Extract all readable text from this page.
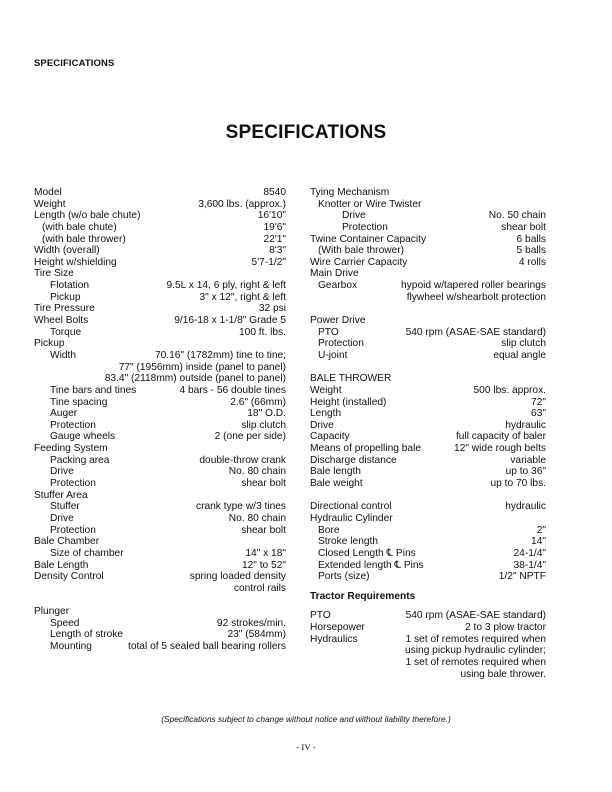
SPECIFICATIONS
SPECIFICATIONS
Model	8540
Weight	3,600 lbs. (approx.)
Length (w/o bale chute)	16'10"
(with bale chute)	19'6"
(with bale thrower)	22'1"
Width (overall)	8'3"
Height w/shielding	5'7-1/2"
Tire Size
Flotation	9.5L x 14, 6 ply, right & left
Pickup	3" x 12", right & left
Tire Pressure	32 psi
Wheel Bolts	9/16-18 x 1-1/8" Grade 5
Torque	100 ft. lbs.
Pickup
Width	70.16" (1782mm) tine to tine;
77" (1956mm) inside (panel to panel)
83.4" (2118mm) outside (panel to panel)
Tine bars and tines	4 bars - 56 double tines
Tine spacing	2.6" (66mm)
Auger	18" O.D.
Protection	slip clutch
Gauge wheels	2 (one per side)
Feeding System
Packing area	double-throw crank
Drive	No. 80 chain
Protection	shear bolt
Stuffer Area
Stuffer	crank type w/3 tines
Drive	No. 80 chain
Protection	shear bolt
Bale Chamber
Size of chamber	14" x 18"
Bale Length	12" to 52"
Density Control	spring loaded density
control rails
Plunger
Speed	92 strokes/min.
Length of stroke	23" (584mm)
Mounting	total of 5 sealed ball bearing rollers
Tying Mechanism
Knotter or Wire Twister
Drive	No. 50 chain
Protection	shear bolt
Twine Container Capacity	6 balls
(With bale thrower)	5 balls
Wire Carrier Capacity	4 rolls
Main Drive
Gearbox	hypoid w/tapered roller bearings
flywheel w/shearbolt protection
Power Drive
PTO	540 rpm (ASAE-SAE standard)
Protection	slip clutch
U-joint	equal angle
BALE THROWER
Weight	500 lbs. approx.
Height (installed)	72"
Length	63"
Drive	hydraulic
Capacity	full capacity of baler
Means of propelling bale	12" wide rough belts
Discharge distance	variable
Bale length	up to 36"
Bale weight	up to 70 lbs.
Directional control	hydraulic
Hydraulic Cylinder
Bore	2"
Stroke length	14"
Closed Length ℄ Pins	24-1/4"
Extended length ℄ Pins	38-1/4"
Ports (size)	1/2" NPTF
Tractor Requirements
PTO	540 rpm (ASAE-SAE standard)
Horsepower	2 to 3 plow tractor
Hydraulics	1 set of remotes required when
using pickup hydraulic cylinder;
1 set of remotes required when
using bale thrower.
(Specifications subject to change without notice and without liability therefore.)
- IV -
